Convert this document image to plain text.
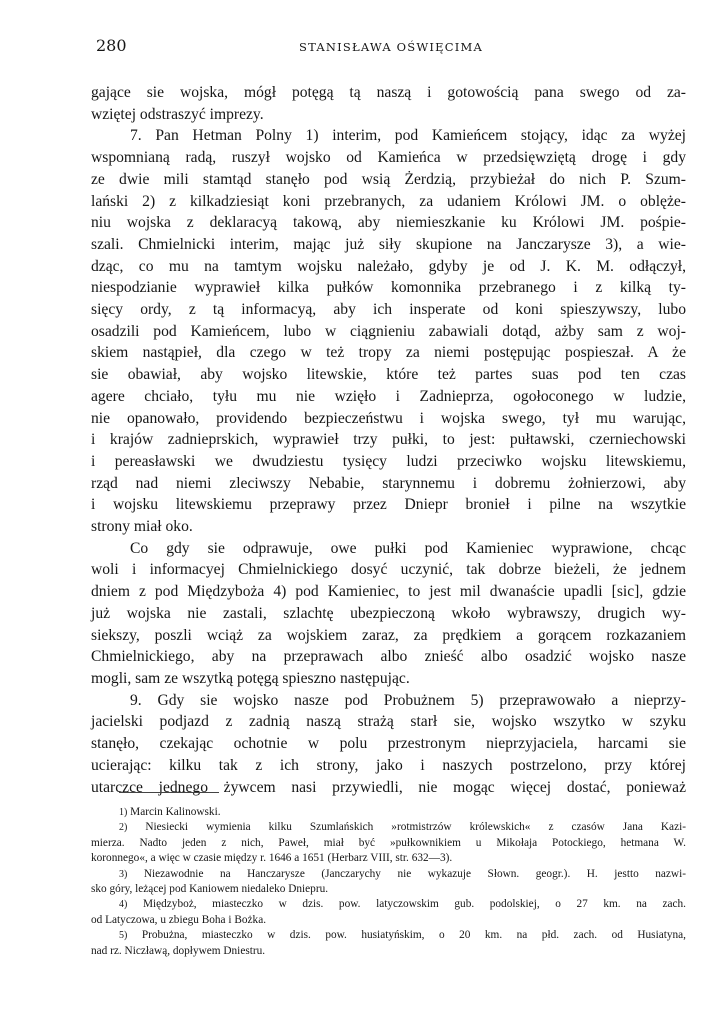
280	STANISŁAWA OŚWIĘCIMA

gające sie wojska, mógł potęgą tą naszą i gotowością pana swego od za-

wziętej odstraszyć imprezy.

7. Pan Hetman Polny 1) interim, pod Kamieńcem stojący, idąc za wyżej

wspomnianą radą, ruszył wojsko od Kamieńca w przedsięwziętą drogę i gdy

ze dwie mili stamtąd stanęło pod wsią Żerdzią, przybieżał do nich P. Szum-

lański 2) z kilkadziesiąt koni przebranych, za udaniem Królowi JM. o oblęże-

niu wojska z deklaracyą takową, aby niemieszkanie ku Królowi JM. pośpie-

szali. Chmielnicki interim, mając już siły skupione na Janczarysze 3), a wie-

dząc, co mu na tamtym wojsku należało, gdyby je od J. K. M. odłączył,

niespodzianie wyprawieł kilka pułków komonnika przebranego i z kilką ty-

sięcy ordy, z tą informacyą, aby ich insperate od koni spieszywszy, lubo

osadzili pod Kamieńcem, lubo w ciągnieniu zabawiali dotąd, ażby sam z woj-

skiem nastąpieł, dla czego w też tropy za niemi postępując pospieszał. A że

sie obawiał, aby wojsko litewskie, które też partes suas pod ten czas

agere chciało, tyłu mu nie wzięło i Zadnieprza, ogołoconego w ludzie,

nie opanowało, providendo bezpieczeństwu i wojska swego, tył mu warując,

i krajów zadnieprskich, wyprawieł trzy pułki, to jest: pułtawski, czerniechowski

i pereasławski we dwudziestu tysięcy ludzi przeciwko wojsku litewskiemu,

rząd nad niemi zleciwszy Nebabie, starynnemu i dobremu żołnierzowi, aby

i wojsku litewskiemu przeprawy przez Dniepr bronieł i pilne na wszytkie

strony miał oko.

Co gdy sie odprawuje, owe pułki pod Kamieniec wyprawione, chcąc

woli i informacyej Chmielnickiego dosyć uczynić, tak dobrze bieżeli, że jednem

dniem z pod Międzyboża 4) pod Kamieniec, to jest mil dwanaście upadli [sic], gdzie

już wojska nie zastali, szlachtę ubezpieczoną wkoło wybrawszy, drugich wy-

siekszy, poszli wciąż za wojskiem zaraz, za prędkiem a gorącem rozkazaniem

Chmielnickiego, aby na przeprawach albo znieść albo osadzić wojsko nasze

mogli, sam ze wszytką potęgą spieszno następując.

9. Gdy sie wojsko nasze pod Probużnem 5) przeprawowało a nieprzy-

jacielski podjazd z zadnią naszą strażą starł sie, wojsko wszytko w szyku

stanęło, czekając ochotnie w polu przestronym nieprzyjaciela, harcami sie

ucierając: kilku tak z ich strony, jako i naszych postrzelono, przy której

utarczce jednego żywcem nasi przywiedli, nie mogąc więcej dostać, ponieważ

1) Marcin Kalinowski.

2) Niesiecki wymienia kilku Szumlańskich »rotmistrzów królewskich« z czasów Jana Kazi-

mierza. Nadto jeden z nich, Paweł, miał być »pułkownikiem u Mikołaja Potockiego, hetmana W.

koronnego«, a więc w czasie między r. 1646 a 1651 (Herbarz VIII, str. 632—3).

3) Niezawodnie na Hanczarysze (Janczarychy nie wykazuje Słown. geogr.). H. jestto nazwi-

sko góry, leżącej pod Kaniowem niedaleko Dniepru.

4) Międzyboż, miasteczko w dzis. pow. latyczowskim gub. podolskiej, o 27 km. na zach.

od Latyczowa, u zbiegu Boha i Bożka.

5) Probużna, miasteczko w dzis. pow. husiatyńskim, o 20 km. na płd. zach. od Husiatyna,

nad rz. Niczławą, dopływem Dniestru.
